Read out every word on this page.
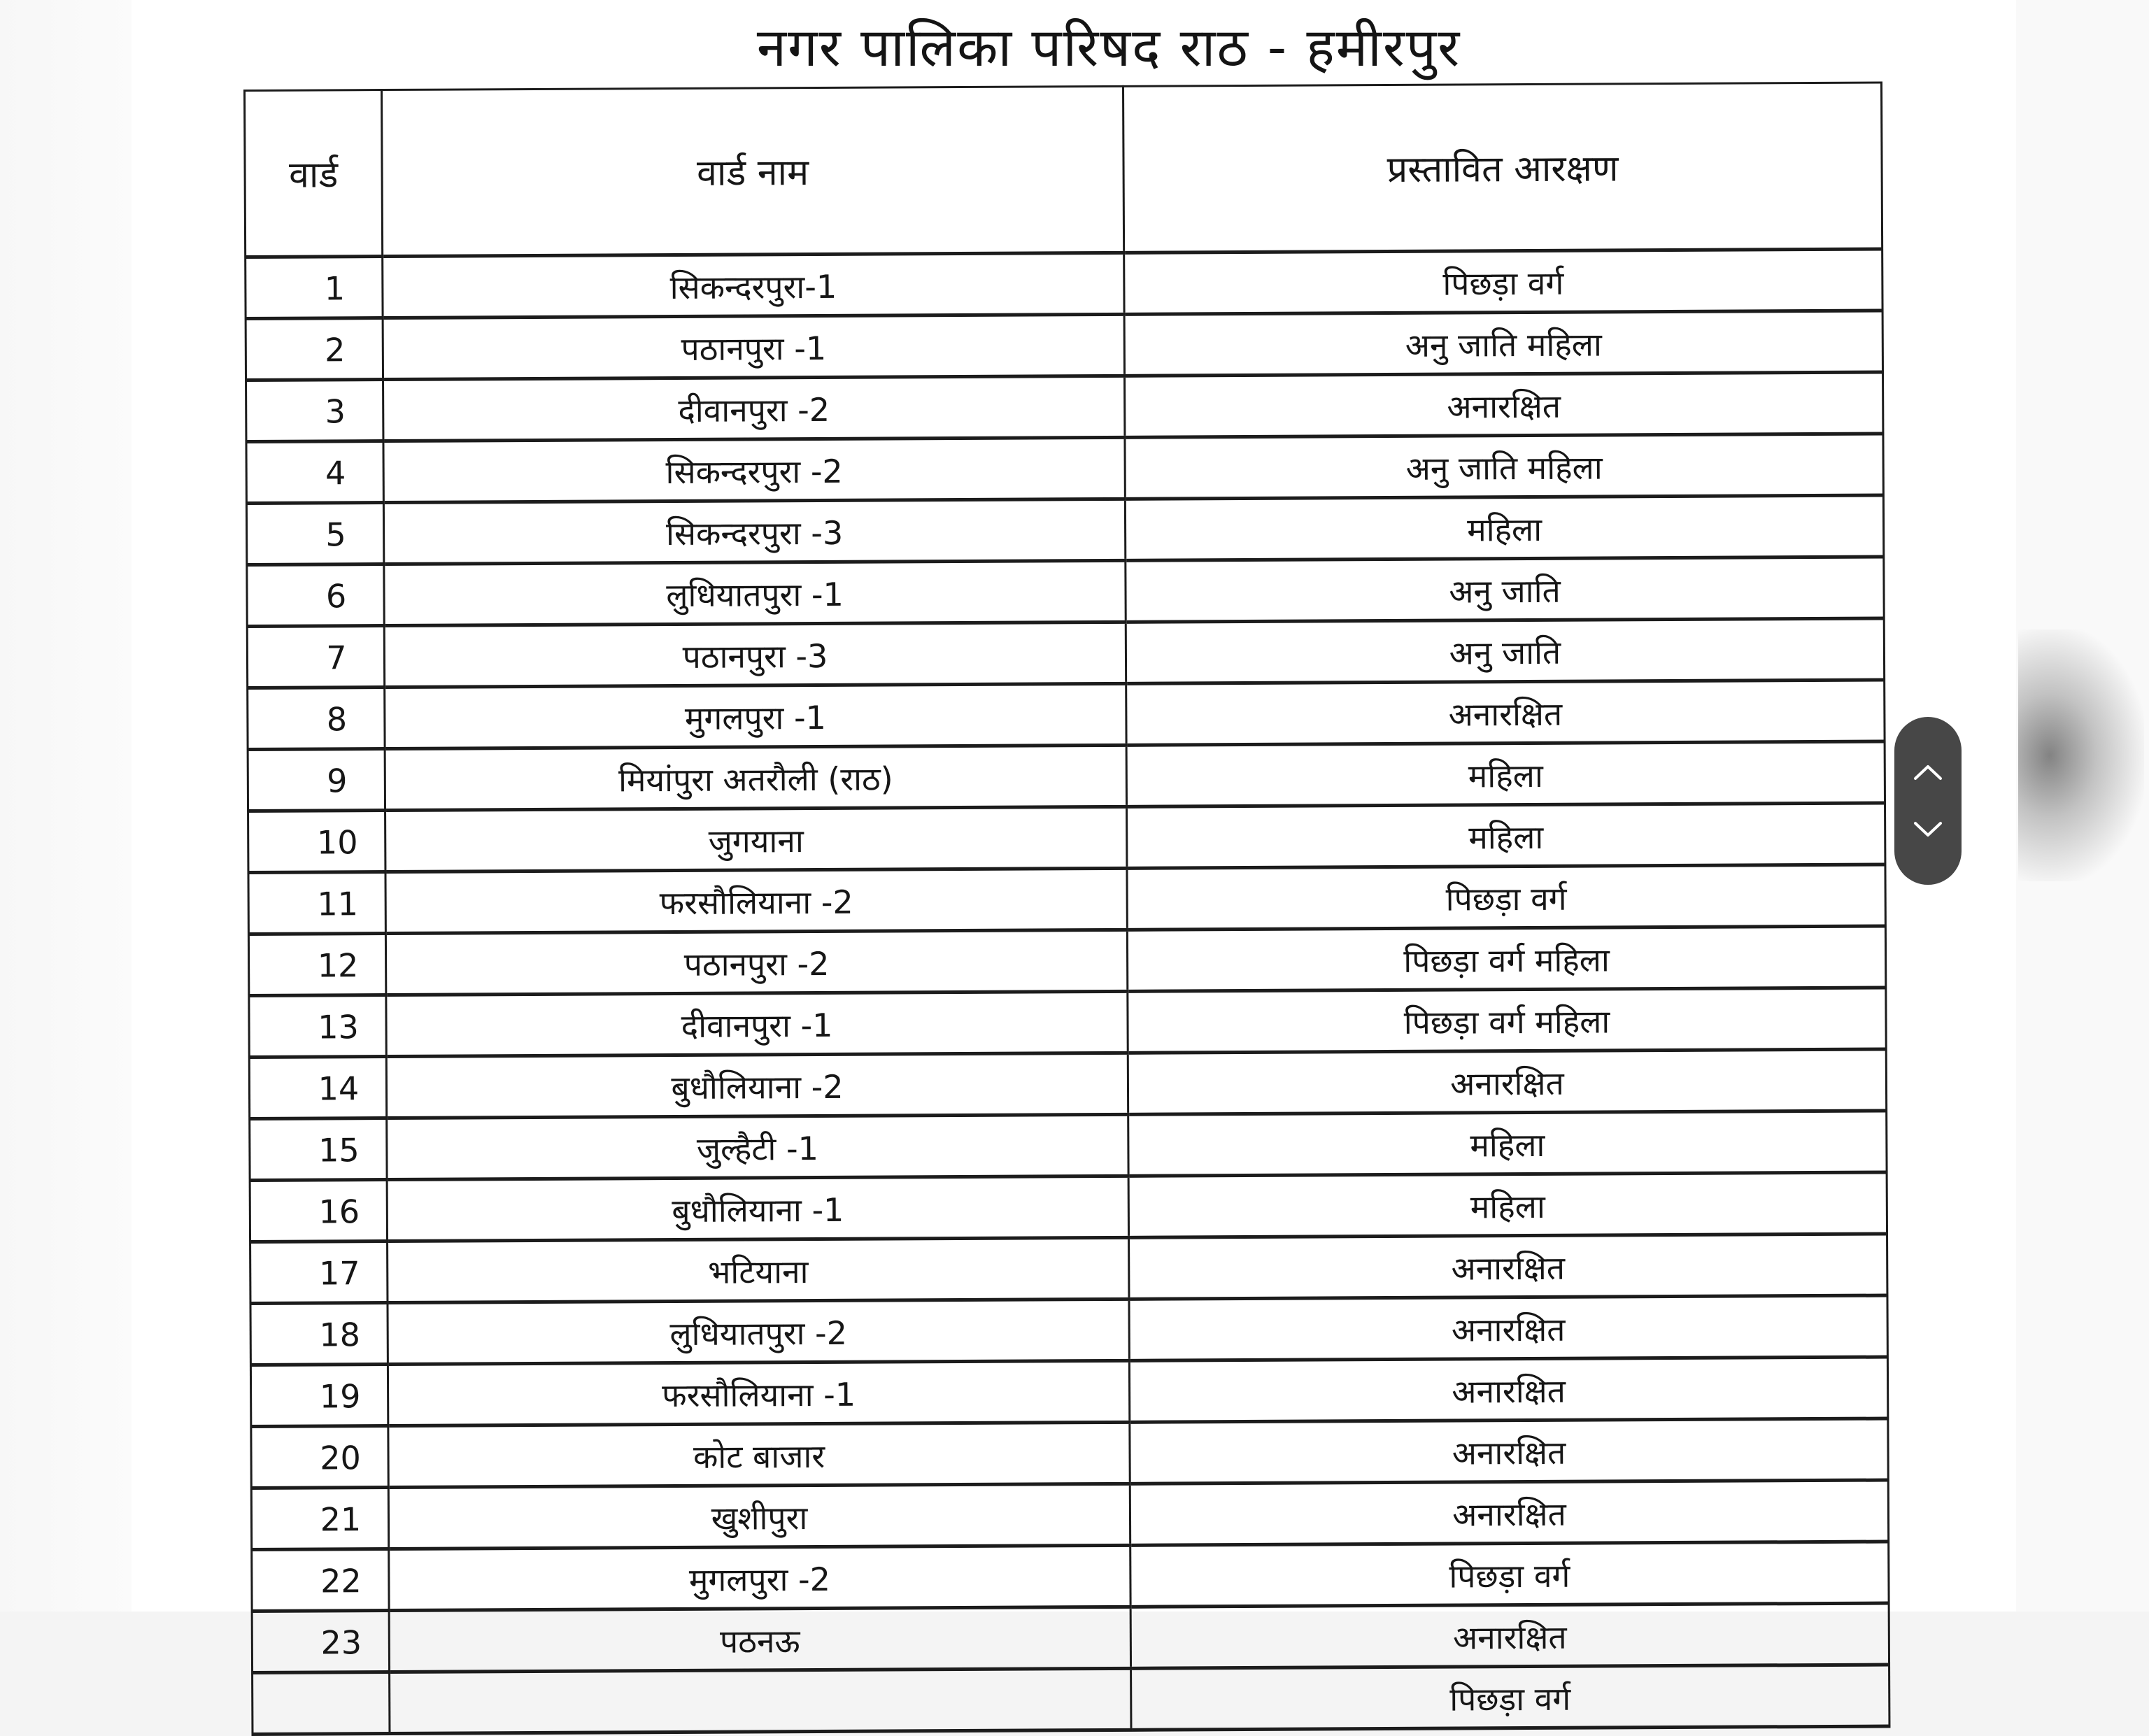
नगर पालिका परिषद राठ - हमीरपुर
वार्ड	वार्ड नाम	प्रस्तावित आरक्षण
1	सिकन्दरपुरा-1	पिछड़ा वर्ग
2	पठानपुरा -1	अनु जाति महिला
3	दीवानपुरा -2	अनारक्षित
4	सिकन्दरपुरा -2	अनु जाति महिला
5	सिकन्दरपुरा -3	महिला
6	लुधियातपुरा -1	अनु जाति
7	पठानपुरा -3	अनु जाति
8	मुगलपुरा -1	अनारक्षित
9	मियांपुरा अतरौली (राठ)	महिला
10	जुगयाना	महिला
11	फरसौलियाना -2	पिछड़ा वर्ग
12	पठानपुरा -2	पिछड़ा वर्ग महिला
13	दीवानपुरा -1	पिछड़ा वर्ग महिला
14	बुधौलियाना -2	अनारक्षित
15	जुल्हैटी -1	महिला
16	बुधौलियाना -1	महिला
17	भटियाना	अनारक्षित
18	लुधियातपुरा -2	अनारक्षित
19	फरसौलियाना -1	अनारक्षित
20	कोट बाजार	अनारक्षित
21	खुशीपुरा	अनारक्षित
22	मुगलपुरा -2	पिछड़ा वर्ग
23	पठनऊ	अनारक्षित
		पिछड़ा वर्ग
